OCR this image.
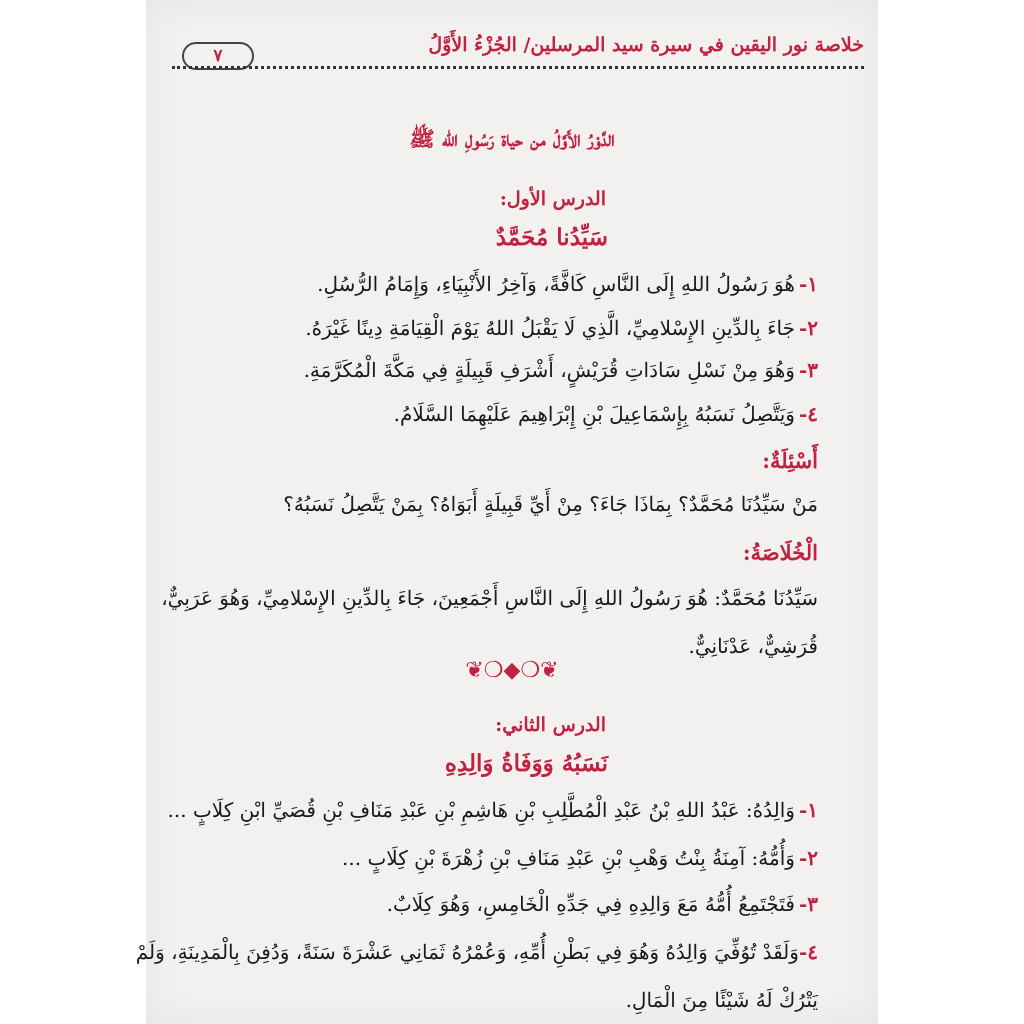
خلاصة نور اليقين في سيرة سيد المرسلين/ الجُزْءُ الأَوَّلُ
٧
الدَّوْرُ الأَوَّلُ من حياة رَسُولِ الله ﷺ
الدرس الأول:
سَيِّدُنا مُحَمَّدٌ
١-هُوَ رَسُولُ اللهِ إِلَى النَّاسِ كَافَّةً، وَآخِرُ الأَنْبِيَاءِ، وَإِمَامُ الرُّسُلِ.
٢-جَاءَ بِالدِّينِ الإِسْلامِيِّ، الَّذِي لَا يَقْبَلُ اللهُ يَوْمَ الْقِيَامَةِ دِينًا غَيْرَهُ.
٣-وَهُوَ مِنْ نَسْلِ سَادَاتِ قُرَيْشٍ، أَشْرَفِ قَبِيلَةٍ فِي مَكَّةَ الْمُكَرَّمَةِ.
٤-وَيَتَّصِلُ نَسَبُهُ بِإِسْمَاعِيلَ بْنِ إِبْرَاهِيمَ عَلَيْهِمَا السَّلَامُ.
أَسْئِلَةٌ:
مَنْ سَيِّدُنَا مُحَمَّدٌ؟ بِمَاذَا جَاءَ؟ مِنْ أَيِّ قَبِيلَةٍ أَبَوَاهُ؟ بِمَنْ يَتَّصِلُ نَسَبُهُ؟
الْخُلَاصَةُ:
سَيِّدُنَا مُحَمَّدٌ: هُوَ رَسُولُ اللهِ إِلَى النَّاسِ أَجْمَعِينَ، جَاءَ بِالدِّينِ الإِسْلامِيِّ، وَهُوَ عَرَبِيٌّ،
قُرَشِيٌّ، عَدْنَانِيٌّ.
❦❍◆❍❦
الدرس الثاني:
نَسَبُهُ وَوَفَاةُ وَالِدِهِ
١-وَالِدُهُ: عَبْدُ اللهِ بْنُ عَبْدِ الْمُطَّلِبِ بْنِ هَاشِمِ بْنِ عَبْدِ مَنَافِ بْنِ قُصَيِّ ابْنِ كِلَابٍ ...
٢-وَأُمُّهُ: آمِنَةُ بِنْتُ وَهْبِ بْنِ عَبْدِ مَنَافِ بْنِ زُهْرَةَ بْنِ كِلَابٍ ...
٣-فَتَجْتَمِعُ أُمُّهُ مَعَ وَالِدِهِ فِي جَدِّهِ الْخَامِسِ، وَهُوَ كِلَابٌ.
٤-وَلَقَدْ تُوُفِّيَ وَالِدُهُ وَهُوَ فِي بَطْنِ أُمِّهِ، وَعُمْرُهُ ثَمَانِي عَشْرَةَ سَنَةً، وَدُفِنَ بِالْمَدِينَةِ، وَلَمْ
يَتْرُكْ لَهُ شَيْئًا مِنَ الْمَالِ.
